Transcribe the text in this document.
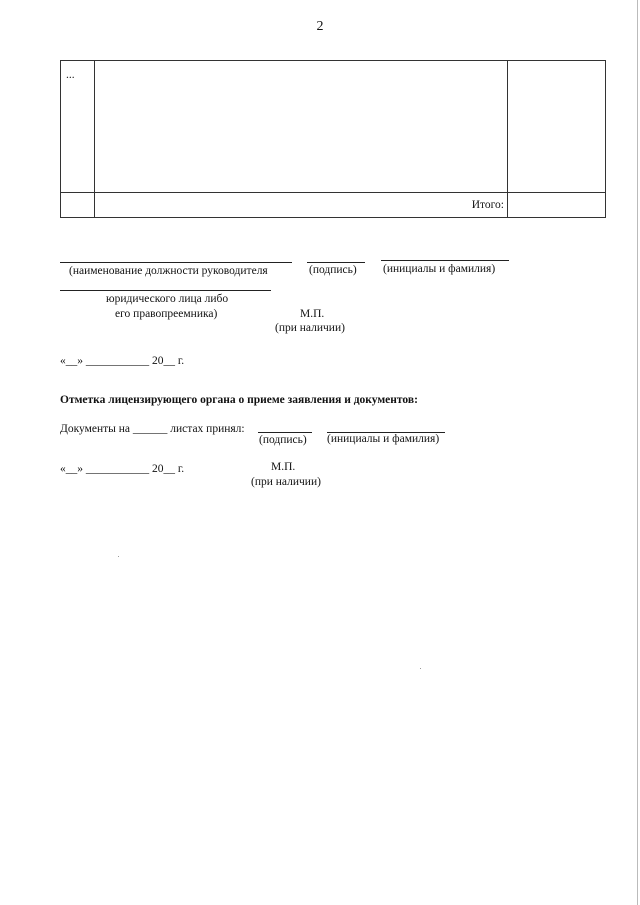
2
...		
	Итого:	
(наименование должности руководителя	(подпись) (инициалы и фамилия)
юридического лица либо
его правопреемника)	М.П.
(при наличии)
«__» ___________ 20__ г.
Отметка лицензирующего органа о приеме заявления и документов:
Документы на ______ листах принял:
(подпись) (инициалы и фамилия)
«__» ___________ 20__ г.	М.П.
(при наличии)
